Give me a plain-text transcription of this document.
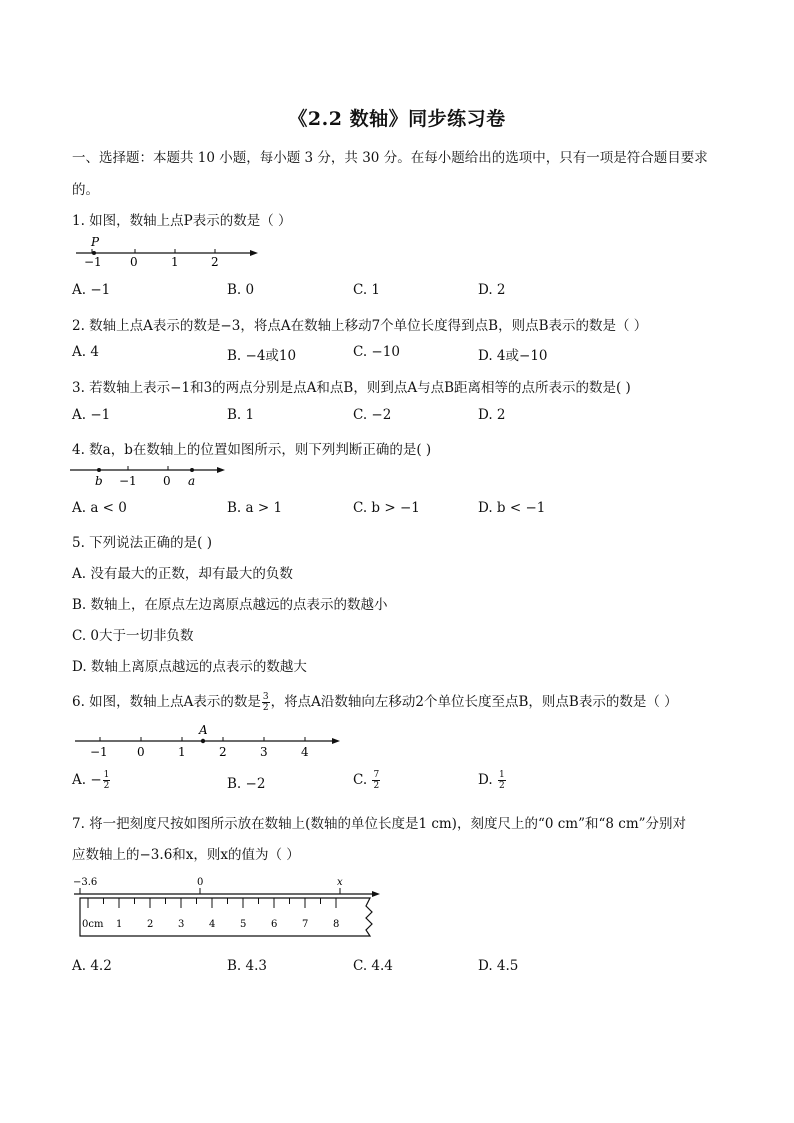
《2.2 数轴》同步练习卷
一、选择题：本题共 10 小题，每小题 3 分，共 30 分。在每小题给出的选项中，只有一项是符合题目要求
的。
1. 如图，数轴上点P表示的数是（ ）
P
−1 0	1	2
A. −1	B. 0	C. 1	D. 2
2. 数轴上点A表示的数是−3，将点A在数轴上移动7个单位长度得到点B，则点B表示的数是（ ）
A. 4	B. −4或10	C. −10	D. 4或−10
3. 若数轴上表示−1和3的两点分别是点A和点B，则到点A与点B距离相等的点所表示的数是( )
A. −1	B. 1	C. −2	D. 2
4. 数a，b在数轴上的位置如图所示，则下列判断正确的是( )
b −1 0 a
A. a < 0	B. a > 1	C. b > −1	D. b < −1
5. 下列说法正确的是( )
A. 没有最大的正数，却有最大的负数
B. 数轴上，在原点左边离原点越远的点表示的数越小
C. 0大于一切非负数
D. 数轴上离原点越远的点表示的数越大
6. 如图，数轴上点A表示的数是 $\frac{3}{2}$ ，将点A沿数轴向左移动2个单位长度至点B，则点B表示的数是（ ）
A
−1 0	1	2	3	4
A. − $\frac{1}{2}$	B. −2	C. $\frac{7}{2}$	D. $\frac{1}{2}$
7. 将一把刻度尺按如图所示放在数轴上(数轴的单位长度是1 cm)，刻度尺上的“0 cm”和“8 cm”分别对
应数轴上的−3.6和x，则x的值为（ ）
−3.6	0	x
0cm 1 2 3 4 5 6 7 8
A. 4.2	B. 4.3	C. 4.4	D. 4.5
